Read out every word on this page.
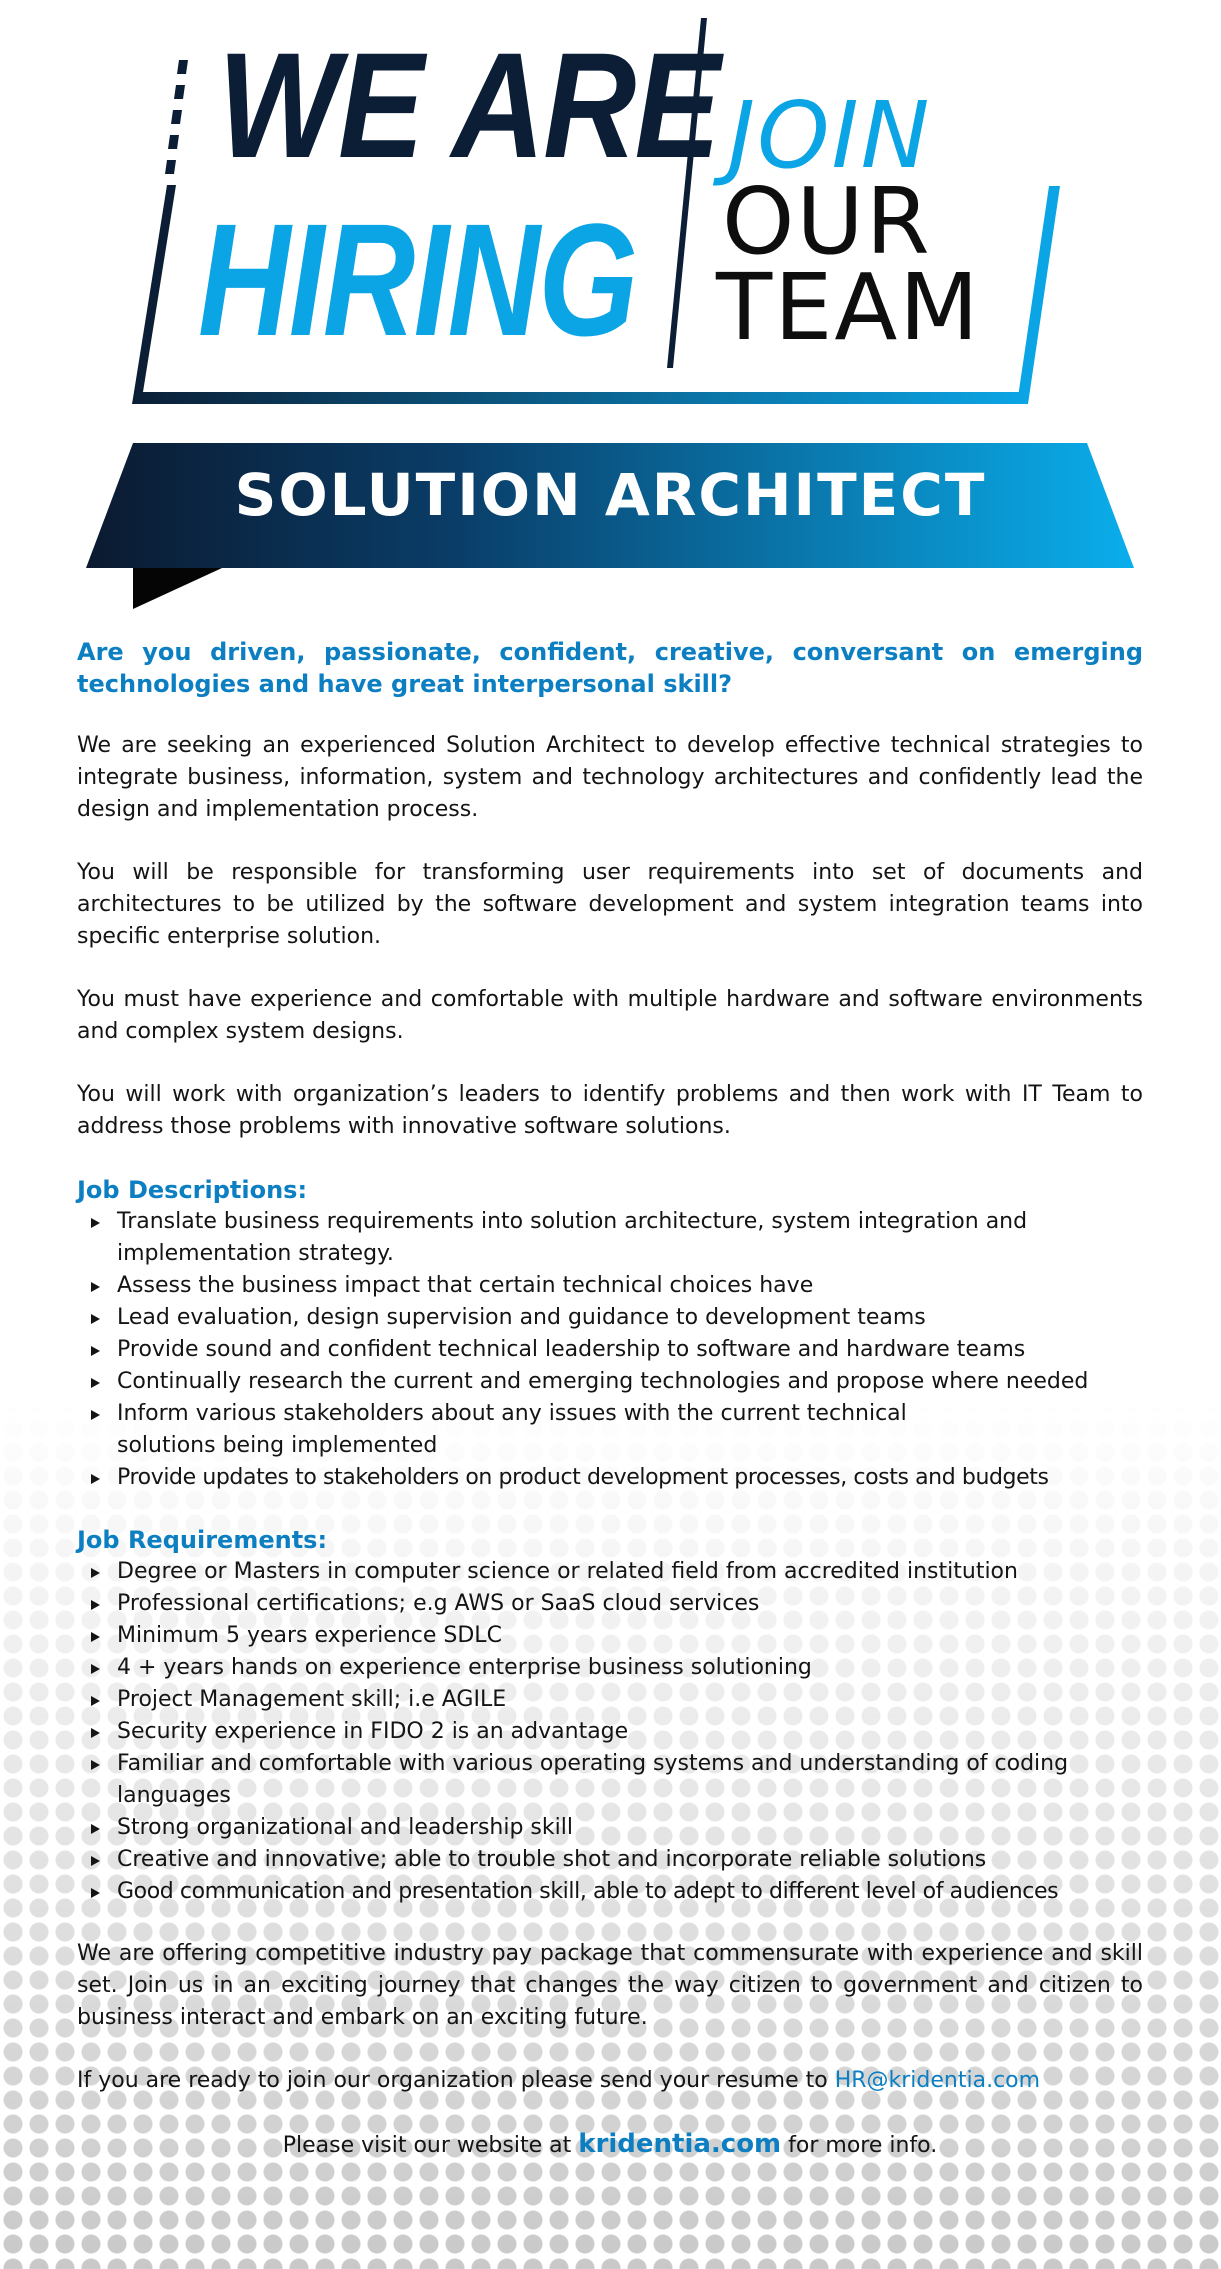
WE ARE
HIRING
JOIN
OUR
TEAM
SOLUTION ARCHITECT

Are you driven, passionate, confident, creative, conversant on emerging technologies and have great interpersonal skill?

We are seeking an experienced Solution Architect to develop effective technical strategies to integrate business, information, system and technology architectures and confidently lead the design and implementation process.

You will be responsible for transforming user requirements into set of documents and architectures to be utilized by the software development and system integration teams into specific enterprise solution.

You must have experience and comfortable with multiple hardware and software environments and complex system designs.

You will work with organization’s leaders to identify problems and then work with IT Team to address those problems with innovative software solutions.

Job Descriptions:
Translate business requirements into solution architecture, system integration and implementation strategy.
Assess the business impact that certain technical choices have
Lead evaluation, design supervision and guidance to development teams
Provide sound and confident technical leadership to software and hardware teams
Continually research the current and emerging technologies and propose where needed
Inform various stakeholders about any issues with the current technical solutions being implemented
Provide updates to stakeholders on product development processes, costs and budgets
Job Requirements:
Degree or Masters in computer science or related field from accredited institution
Professional certifications; e.g AWS or SaaS cloud services
Minimum 5 years experience SDLC
4 + years hands on experience enterprise business solutioning
Project Management skill; i.e AGILE
Security experience in FIDO 2 is an advantage
Familiar and comfortable with various operating systems and understanding of coding languages
Strong organizational and leadership skill
Creative and innovative; able to trouble shot and incorporate reliable solutions
Good communication and presentation skill, able to adept to different level of audiences

We are offering competitive industry pay package that commensurate with experience and skill set. Join us in an exciting journey that changes the way citizen to government and citizen to business interact and embark on an exciting future.

If you are ready to join our organization please send your resume to HR@kridentia.com

Please visit our website at kridentia.com for more info.
